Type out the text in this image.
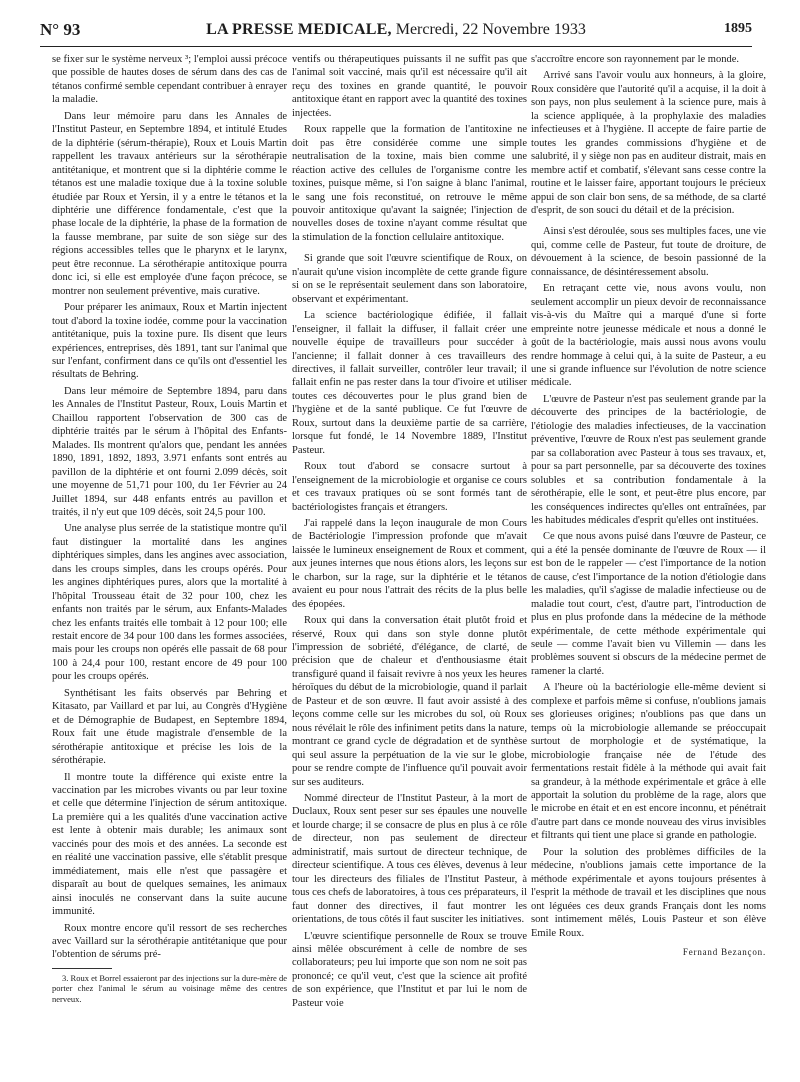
N° 93	LA PRESSE MEDICALE, Mercredi, 22 Novembre 1933	1895

se fixer sur le système nerveux ³; l'emploi aussi précoce que possible de hautes doses de sérum dans des cas de tétanos confirmé semble cependant contribuer à enrayer la maladie.

Dans leur mémoire paru dans les Annales de l'Institut Pasteur, en Septembre 1894, et intitulé Etudes de la diphtérie (sérum-thérapie), Roux et Louis Martin rappellent les travaux antérieurs sur la sérothérapie antitétanique, et montrent que si la diphtérie comme le tétanos est une maladie toxique due à la toxine soluble étudiée par Roux et Yersin, il y a entre le tétanos et la diphtérie une différence fondamentale, c'est que la phase locale de la diphtérie, la phase de la formation de la fausse membrane, par suite de son siège sur des régions accessibles telles que le pharynx et le larynx, peut être reconnue. La sérothérapie antitoxique pourra donc ici, si elle est employée d'une façon précoce, se montrer non seulement préventive, mais curative.

Pour préparer les animaux, Roux et Martin injectent tout d'abord la toxine iodée, comme pour la vaccination antitétanique, puis la toxine pure. Ils disent que leurs expériences, entreprises, dès 1891, tant sur l'animal que sur l'enfant, confirment dans ce qu'ils ont d'essentiel les résultats de Behring.

Dans leur mémoire de Septembre 1894, paru dans les Annales de l'Institut Pasteur, Roux, Louis Martin et Chaillou rapportent l'observation de 300 cas de diphtérie traités par le sérum à l'hôpital des Enfants-Malades. Ils montrent qu'alors que, pendant les années 1890, 1891, 1892, 1893, 3.971 enfants sont entrés au pavillon de la diphtérie et ont fourni 2.099 décès, soit une moyenne de 51,71 pour 100, du 1er Février au 24 Juillet 1894, sur 448 enfants entrés au pavillon et traités, il n'y eut que 109 décès, soit 24,5 pour 100.

Une analyse plus serrée de la statistique montre qu'il faut distinguer la mortalité dans les angines diphtériques simples, dans les angines avec association, dans les croups simples, dans les croups opérés. Pour les angines diphtériques pures, alors que la mortalité à l'hôpital Trousseau était de 32 pour 100, chez les enfants non traités par le sérum, aux Enfants-Malades chez les enfants traités elle tombait à 12 pour 100; elle restait encore de 34 pour 100 dans les formes associées, mais pour les croups non opérés elle passait de 68 pour 100 à 24,4 pour 100, restant encore de 49 pour 100 pour les croups opérés.

Synthétisant les faits observés par Behring et Kitasato, par Vaillard et par lui, au Congrès d'Hygiène et de Démographie de Budapest, en Septembre 1894, Roux fait une étude magistrale d'ensemble de la sérothérapie antitoxique et précise les lois de la sérothérapie.

Il montre toute la différence qui existe entre la vaccination par les microbes vivants ou par leur toxine et celle que détermine l'injection de sérum antitoxique. La première qui a les qualités d'une vaccination active est lente à obtenir mais durable; les animaux sont vaccinés pour des mois et des années. La seconde est en réalité une vaccination passive, elle s'établit presque immédiatement, mais elle n'est que passagère et disparaît au bout de quelques semaines, les animaux ainsi inoculés ne conservant dans la suite aucune immunité.

Roux montre encore qu'il ressort de ses recherches avec Vaillard sur la sérothérapie antitétanique que pour l'obtention de sérums pré-

3. Roux et Borrel essaieront par des injections sur la dure-mère de porter chez l'animal le sérum au voisinage même des centres nerveux.

ventifs ou thérapeutiques puissants il ne suffit pas que l'animal soit vacciné, mais qu'il est nécessaire qu'il ait reçu des toxines en grande quantité, le pouvoir antitoxique étant en rapport avec la quantité des toxines injectées.

Roux rappelle que la formation de l'antitoxine ne doit pas être considérée comme une simple neutralisation de la toxine, mais bien comme une réaction active des cellules de l'organisme contre les toxines, puisque même, si l'on saigne à blanc l'animal, le sang une fois reconstitué, on retrouve le même pouvoir antitoxique qu'avant la saignée; l'injection de nouvelles doses de toxine n'ayant comme résultat que la stimulation de la fonction cellulaire antitoxique.

Si grande que soit l'œuvre scientifique de Roux, on n'aurait qu'une vision incomplète de cette grande figure si on se le représentait seulement dans son laboratoire, observant et expérimentant.

La science bactériologique édifiée, il fallait l'enseigner, il fallait la diffuser, il fallait créer une nouvelle équipe de travailleurs pour succéder à l'ancienne; il fallait donner à ces travailleurs des directives, il fallait surveiller, contrôler leur travail; il fallait enfin ne pas rester dans la tour d'ivoire et utiliser toutes ces découvertes pour le plus grand bien de l'hygiène et de la santé publique. Ce fut l'œuvre de Roux, surtout dans la deuxième partie de sa carrière, lorsque fut fondé, le 14 Novembre 1889, l'Institut Pasteur.

Roux tout d'abord se consacre surtout à l'enseignement de la microbiologie et organise ce cours et ces travaux pratiques où se sont formés tant de bactériologistes français et étrangers.

J'ai rappelé dans la leçon inaugurale de mon Cours de Bactériologie l'impression profonde que m'avait laissée le lumineux enseignement de Roux et comment, aux jeunes internes que nous étions alors, les leçons sur le charbon, sur la rage, sur la diphtérie et le tétanos avaient eu pour nous l'attrait des récits de la plus belle des épopées.

Roux qui dans la conversation était plutôt froid et réservé, Roux qui dans son style donne plutôt l'impression de sobriété, d'élégance, de clarté, de précision que de chaleur et d'enthousiasme était transfiguré quand il faisait revivre à nos yeux les heures héroïques du début de la microbiologie, quand il parlait de Pasteur et de son œuvre. Il faut avoir assisté à des leçons comme celle sur les microbes du sol, où Roux nous révélait le rôle des infiniment petits dans la nature, montrant ce grand cycle de dégradation et de synthèse qui seul assure la perpétuation de la vie sur le globe, pour se rendre compte de l'influence qu'il pouvait avoir sur ses auditeurs.

Nommé directeur de l'Institut Pasteur, à la mort de Duclaux, Roux sent peser sur ses épaules une nouvelle et lourde charge; il se consacre de plus en plus à ce rôle de directeur, non pas seulement de directeur administratif, mais surtout de directeur technique, de directeur scientifique. A tous ces élèves, devenus à leur tour les directeurs des filiales de l'Institut Pasteur, à tous ces chefs de laboratoires, à tous ces préparateurs, il faut donner des directives, il faut montrer les orientations, de tous côtés il faut susciter les initiatives.

L'œuvre scientifique personnelle de Roux se trouve ainsi mêlée obscurément à celle de nombre de ses collaborateurs; peu lui importe que son nom ne soit pas prononcé; ce qu'il veut, c'est que la science ait profité de son expérience, que l'Institut et par lui le nom de Pasteur voie

s'accroître encore son rayonnement par le monde.

Arrivé sans l'avoir voulu aux honneurs, à la gloire, Roux considère que l'autorité qu'il a acquise, il la doit à son pays, non plus seulement à la science pure, mais à la science appliquée, à la prophylaxie des maladies infectieuses et à l'hygiène. Il accepte de faire partie de toutes les grandes commissions d'hygiène et de salubrité, il y siège non pas en auditeur distrait, mais en membre actif et combatif, s'élevant sans cesse contre la routine et le laisser faire, apportant toujours le précieux appui de son clair bon sens, de sa méthode, de sa clarté d'esprit, de son souci du détail et de la précision.

Ainsi s'est déroulée, sous ses multiples faces, une vie qui, comme celle de Pasteur, fut toute de droiture, de dévouement à la science, de besoin passionné de la connaissance, de désintéressement absolu.

En retraçant cette vie, nous avons voulu, non seulement accomplir un pieux devoir de reconnaissance vis-à-vis du Maître qui a marqué d'une si forte empreinte notre jeunesse médicale et nous a donné le goût de la bactériologie, mais aussi nous avons voulu rendre hommage à celui qui, à la suite de Pasteur, a eu une si grande influence sur l'évolution de notre science médicale.

L'œuvre de Pasteur n'est pas seulement grande par la découverte des principes de la bactériologie, de l'étiologie des maladies infectieuses, de la vaccination préventive, l'œuvre de Roux n'est pas seulement grande par sa collaboration avec Pasteur à tous ses travaux, et, pour sa part personnelle, par sa découverte des toxines solubles et sa contribution fondamentale à la sérothérapie, elle le sont, et peut-être plus encore, par les conséquences indirectes qu'elles ont entraînées, par les habitudes médicales d'esprit qu'elles ont instituées.

Ce que nous avons puisé dans l'œuvre de Pasteur, ce qui a été la pensée dominante de l'œuvre de Roux — il est bon de le rappeler — c'est l'importance de la notion de cause, c'est l'importance de la notion d'étiologie dans les maladies, qu'il s'agisse de maladie infectieuse ou de maladie tout court, c'est, d'autre part, l'introduction de plus en plus profonde dans la médecine de la méthode expérimentale, de cette méthode expérimentale qui seule — comme l'avait bien vu Villemin — dans les problèmes souvent si obscurs de la médecine permet de ramener la clarté.

A l'heure où la bactériologie elle-même devient si complexe et parfois même si confuse, n'oublions jamais ses glorieuses origines; n'oublions pas que dans un temps où la microbiologie allemande se préoccupait surtout de morphologie et de systématique, la microbiologie française née de l'étude des fermentations restait fidèle à la méthode qui avait fait sa grandeur, à la méthode expérimentale et grâce à elle apportait la solution du problème de la rage, alors que le microbe en était et en est encore inconnu, et pénétrait d'autre part dans ce monde nouveau des virus invisibles et filtrants qui tient une place si grande en pathologie.

Pour la solution des problèmes difficiles de la médecine, n'oublions jamais cette importance de la méthode expérimentale et ayons toujours présentes à l'esprit la méthode de travail et les disciplines que nous ont léguées ces deux grands Français dont les noms sont intimement mêlés, Louis Pasteur et son élève Emile Roux.

Fernand Bezançon.
